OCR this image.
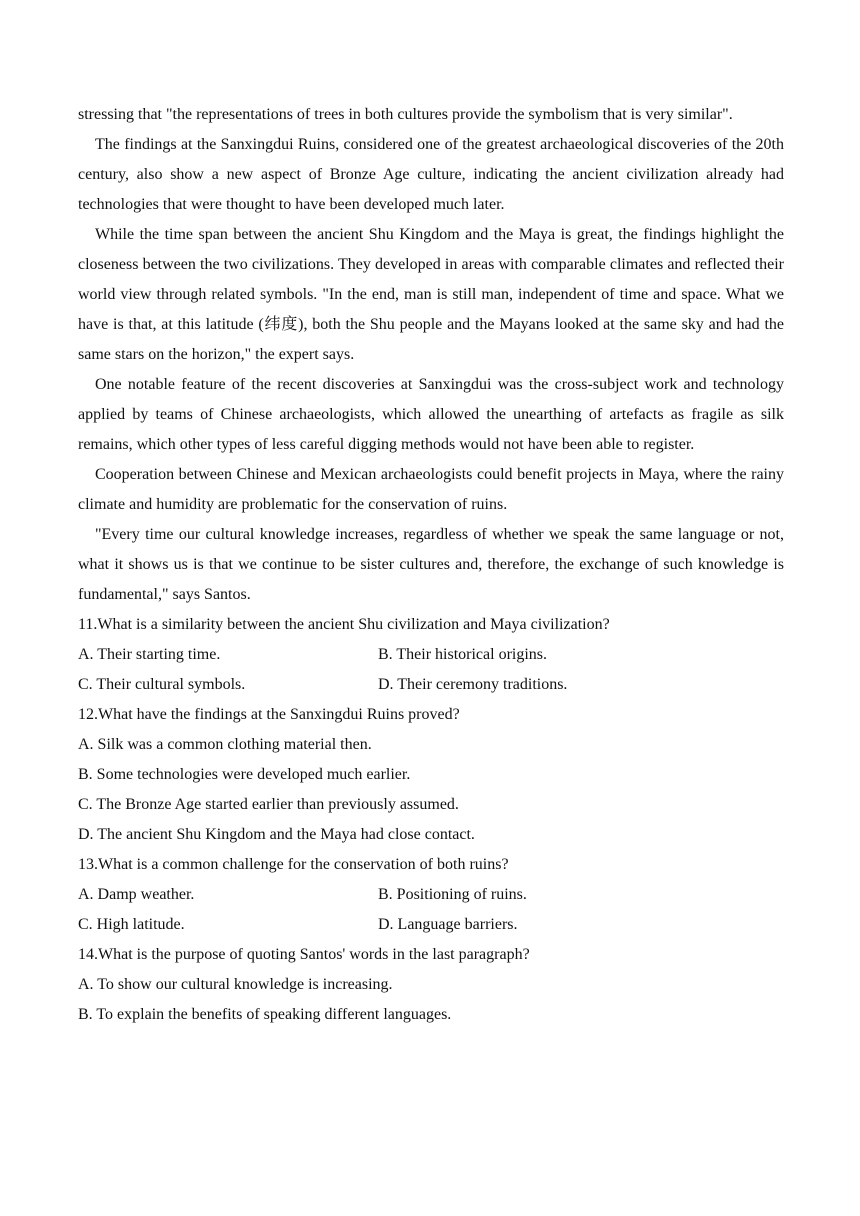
stressing that "the representations of trees in both cultures provide the symbolism that is very similar".

The findings at the Sanxingdui Ruins, considered one of the greatest archaeological discoveries of the 20th century, also show a new aspect of Bronze Age culture, indicating the ancient civilization already had technologies that were thought to have been developed much later.

While the time span between the ancient Shu Kingdom and the Maya is great, the findings highlight the closeness between the two civilizations. They developed in areas with comparable climates and reflected their world view through related symbols. "In the end, man is still man, independent of time and space. What we have is that, at this latitude (纬度), both the Shu people and the Mayans looked at the same sky and had the same stars on the horizon," the expert says.

One notable feature of the recent discoveries at Sanxingdui was the cross-subject work and technology applied by teams of Chinese archaeologists, which allowed the unearthing of artefacts as fragile as silk remains, which other types of less careful digging methods would not have been able to register.

Cooperation between Chinese and Mexican archaeologists could benefit projects in Maya, where the rainy climate and humidity are problematic for the conservation of ruins.

"Every time our cultural knowledge increases, regardless of whether we speak the same language or not, what it shows us is that we continue to be sister cultures and, therefore, the exchange of such knowledge is fundamental," says Santos.

11.What is a similarity between the ancient Shu civilization and Maya civilization?

A. Their starting time.	B. Their historical origins.

C. Their cultural symbols.	D. Their ceremony traditions.

12.What have the findings at the Sanxingdui Ruins proved?

A. Silk was a common clothing material then.

B. Some technologies were developed much earlier.

C. The Bronze Age started earlier than previously assumed.

D. The ancient Shu Kingdom and the Maya had close contact.

13.What is a common challenge for the conservation of both ruins?

A. Damp weather.	B. Positioning of ruins.

C. High latitude.	D. Language barriers.

14.What is the purpose of quoting Santos' words in the last paragraph?

A. To show our cultural knowledge is increasing.

B. To explain the benefits of speaking different languages.
